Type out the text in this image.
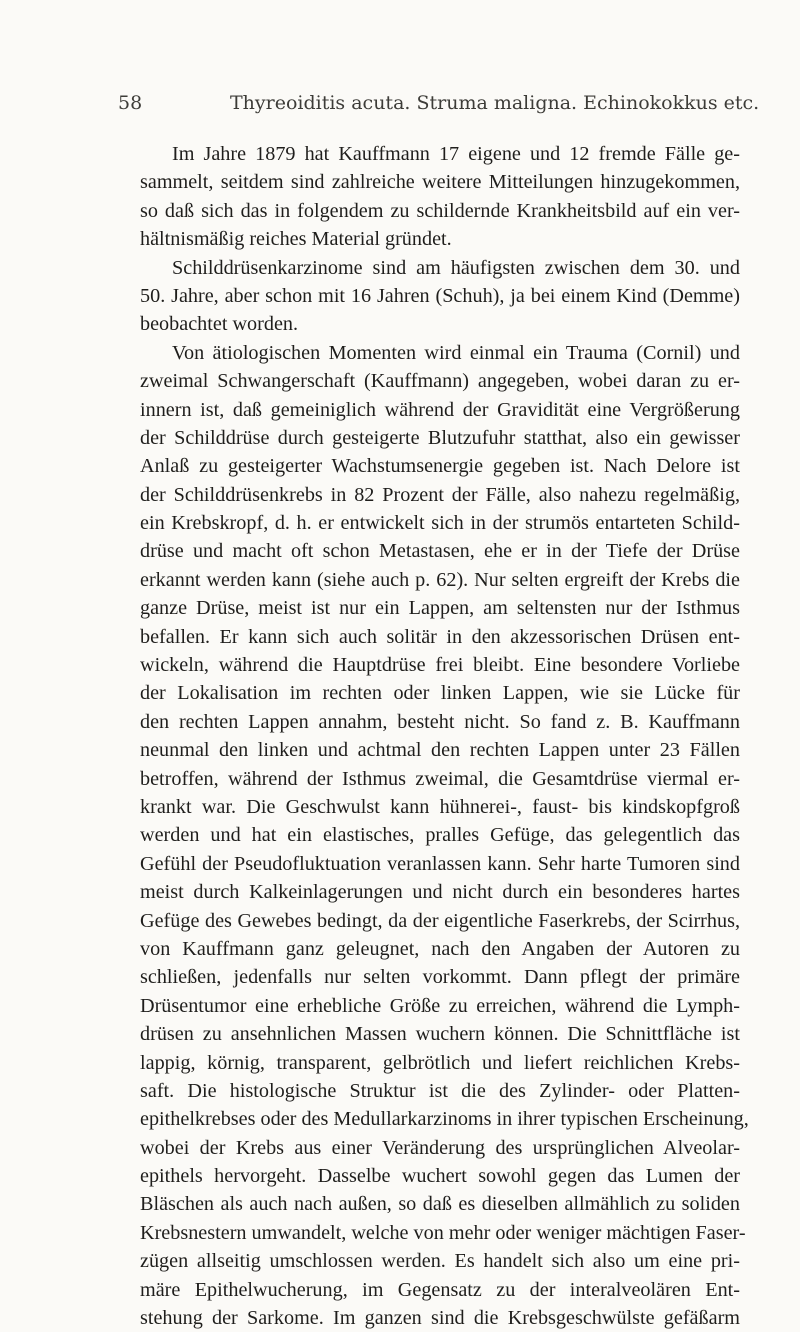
58	Thyreoiditis acuta. Struma maligna. Echinokokkus etc.
Im Jahre 1879 hat Kauffmann 17 eigene und 12 fremde Fälle ge-
sammelt, seitdem sind zahlreiche weitere Mitteilungen hinzugekommen,
so daß sich das in folgendem zu schildernde Krankheitsbild auf ein ver-
hältnismäßig reiches Material gründet.
Schilddrüsenkarzinome sind am häufigsten zwischen dem 30. und
50. Jahre, aber schon mit 16 Jahren (Schuh), ja bei einem Kind (Demme)
beobachtet worden.
Von ätiologischen Momenten wird einmal ein Trauma (Cornil) und
zweimal Schwangerschaft (Kauffmann) angegeben, wobei daran zu er-
innern ist, daß gemeiniglich während der Gravidität eine Vergrößerung
der Schilddrüse durch gesteigerte Blutzufuhr statthat, also ein gewisser
Anlaß zu gesteigerter Wachstumsenergie gegeben ist. Nach Delore ist
der Schilddrüsenkrebs in 82 Prozent der Fälle, also nahezu regelmäßig,
ein Krebskropf, d. h. er entwickelt sich in der strumös entarteten Schild-
drüse und macht oft schon Metastasen, ehe er in der Tiefe der Drüse
erkannt werden kann (siehe auch p. 62). Nur selten ergreift der Krebs die
ganze Drüse, meist ist nur ein Lappen, am seltensten nur der Isthmus
befallen. Er kann sich auch solitär in den akzessorischen Drüsen ent-
wickeln, während die Hauptdrüse frei bleibt. Eine besondere Vorliebe
der Lokalisation im rechten oder linken Lappen, wie sie Lücke für
den rechten Lappen annahm, besteht nicht. So fand z. B. Kauffmann
neunmal den linken und achtmal den rechten Lappen unter 23 Fällen
betroffen, während der Isthmus zweimal, die Gesamtdrüse viermal er-
krankt war. Die Geschwulst kann hühnerei-, faust- bis kindskopfgroß
werden und hat ein elastisches, pralles Gefüge, das gelegentlich das
Gefühl der Pseudofluktuation veranlassen kann. Sehr harte Tumoren sind
meist durch Kalkeinlagerungen und nicht durch ein besonderes hartes
Gefüge des Gewebes bedingt, da der eigentliche Faserkrebs, der Scirrhus,
von Kauffmann ganz geleugnet, nach den Angaben der Autoren zu
schließen, jedenfalls nur selten vorkommt. Dann pflegt der primäre
Drüsentumor eine erhebliche Größe zu erreichen, während die Lymph-
drüsen zu ansehnlichen Massen wuchern können. Die Schnittfläche ist
lappig, körnig, transparent, gelbrötlich und liefert reichlichen Krebs-
saft. Die histologische Struktur ist die des Zylinder- oder Platten-
epithelkrebses oder des Medullarkarzinoms in ihrer typischen Erscheinung,
wobei der Krebs aus einer Veränderung des ursprünglichen Alveolar-
epithels hervorgeht. Dasselbe wuchert sowohl gegen das Lumen der
Bläschen als auch nach außen, so daß es dieselben allmählich zu soliden
Krebsnestern umwandelt, welche von mehr oder weniger mächtigen Faser-
zügen allseitig umschlossen werden. Es handelt sich also um eine pri-
märe Epithelwucherung, im Gegensatz zu der interalveolären Ent-
stehung der Sarkome. Im ganzen sind die Krebsgeschwülste gefäßarm
